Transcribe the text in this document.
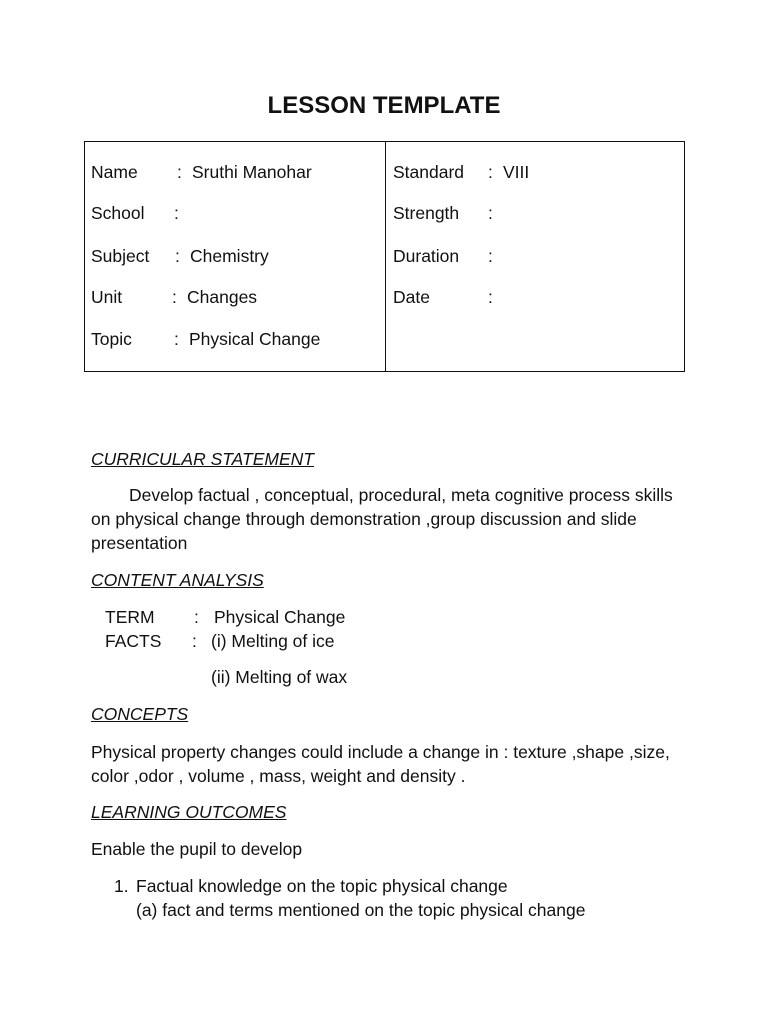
LESSON TEMPLATE
Name : Sruthi Manohar
School :
Subject : Chemistry
Unit	: Changes
Topic : Physical Change
Standard : VIII
Strength :
Duration :
Date	:
CURRICULAR STATEMENT
Develop factual , conceptual, procedural, meta cognitive process skills
on physical change through demonstration ,group discussion and slide
presentation
CONTENT ANALYSIS
TERM : Physical Change
FACTS : (i) Melting of ice
(ii) Melting of wax
CONCEPTS
Physical property changes could include a change in : texture ,shape ,size,
color ,odor , volume , mass, weight and density .
LEARNING OUTCOMES
Enable the pupil to develop
1. Factual knowledge on the topic physical change
(a) fact and terms mentioned on the topic physical change
